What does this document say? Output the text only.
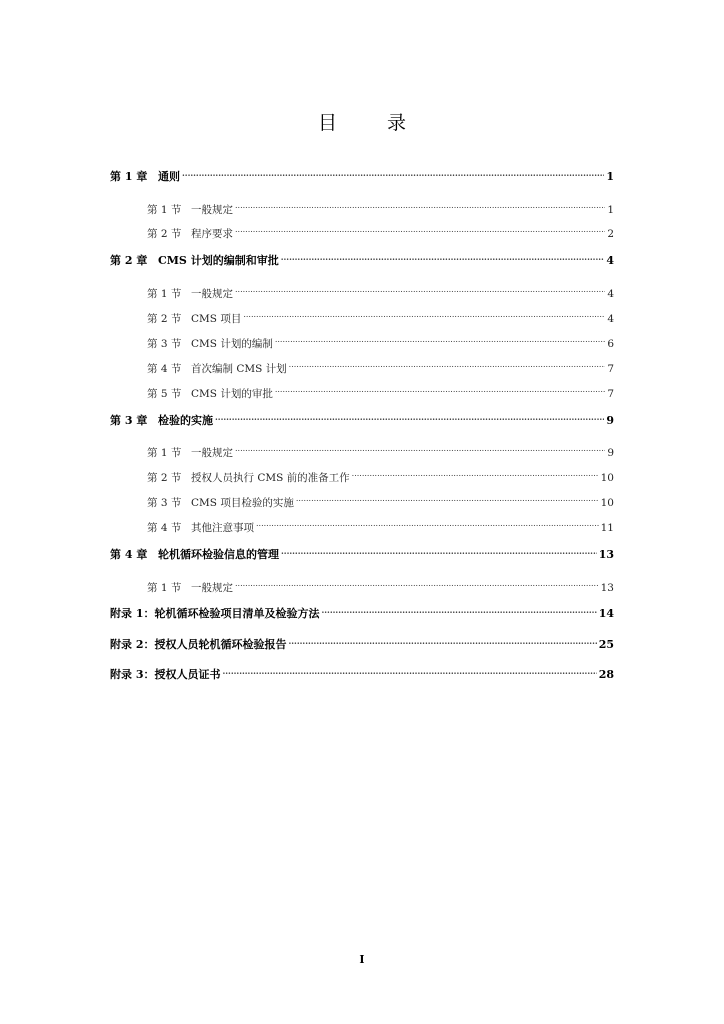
目 录
第 1 章 通则 .....	1
第 1 节 一般规定 .....	1
第 2 节 程序要求 .....	2
第 2 章 CMS 计划的编制和审批 .....	4
第 1 节 一般规定 .....	4
第 2 节 CMS 项目 .....	4
第 3 节 CMS 计划的编制 .....	6
第 4 节 首次编制 CMS 计划 .....	7
第 5 节 CMS 计划的审批 .....	7
第 3 章 检验的实施 .....	9
第 1 节 一般规定 .....	9
第 2 节 授权人员执行 CMS 前的准备工作 .....	10
第 3 节 CMS 项目检验的实施 .....	10
第 4 节 其他注意事项 .....	11
第 4 章 轮机循环检验信息的管理 .....	13
第 1 节 一般规定 .....	13
附录 1：轮机循环检验项目清单及检验方法 .....	14
附录 2：授权人员轮机循环检验报告 .....	25
附录 3：授权人员证书 .....	28
I
